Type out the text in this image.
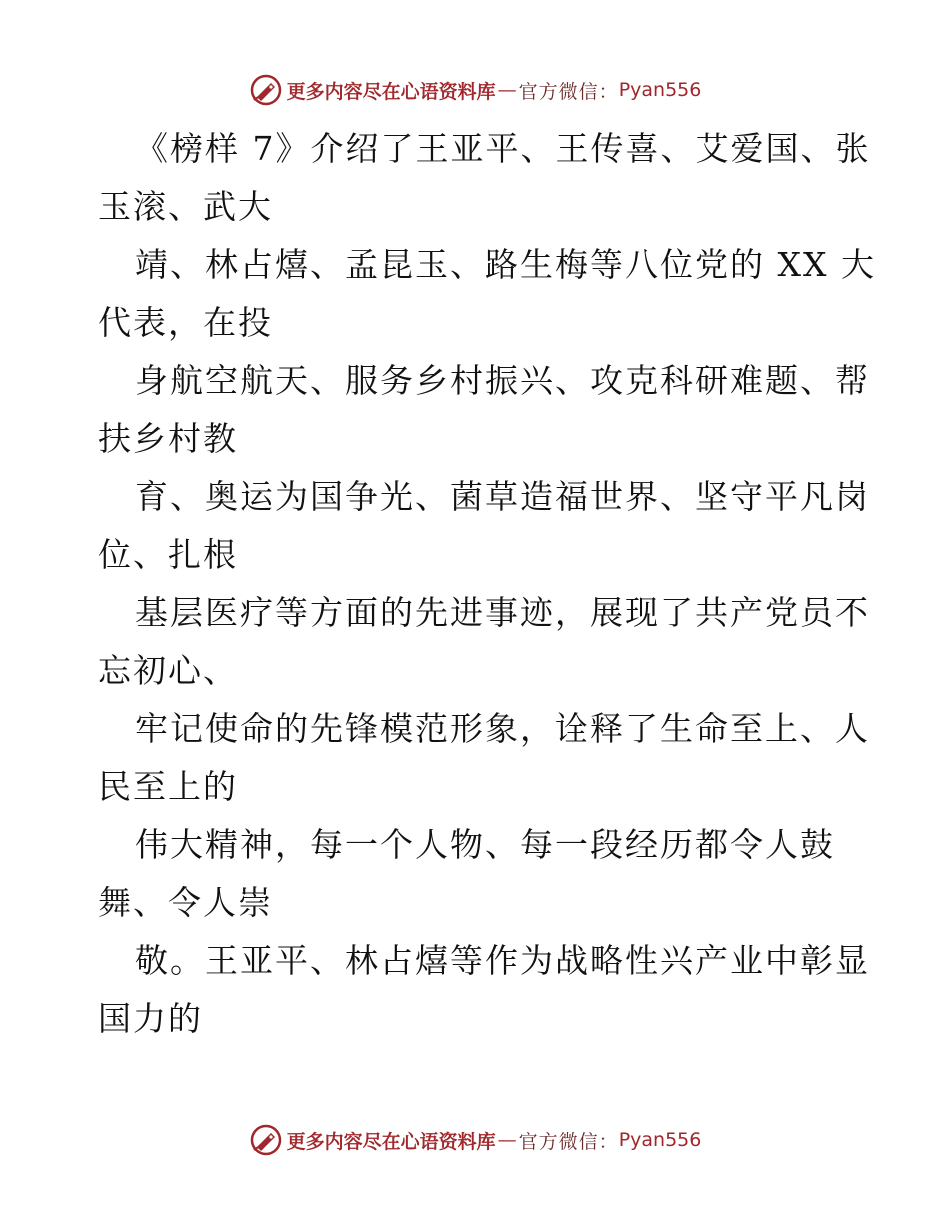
更多内容尽在心语资料库 — 官方微信： Pyan556
《榜样 7》介绍了王亚平、王传喜、艾爱国、张
玉滚、武大
靖、林占熺、孟昆玉、路生梅等八位党的 XX 大
代表，在投
身航空航天、服务乡村振兴、攻克科研难题、帮
扶乡村教
育、奥运为国争光、菌草造福世界、坚守平凡岗
位、扎根
基层医疗等方面的先进事迹，展现了共产党员不
忘初心、
牢记使命的先锋模范形象，诠释了生命至上、人
民至上的
伟大精神，每一个人物、每一段经历都令人鼓
舞、令人崇
敬。王亚平、林占熺等作为战略性兴产业中彰显
国力的
更多内容尽在心语资料库 — 官方微信： Pyan556
